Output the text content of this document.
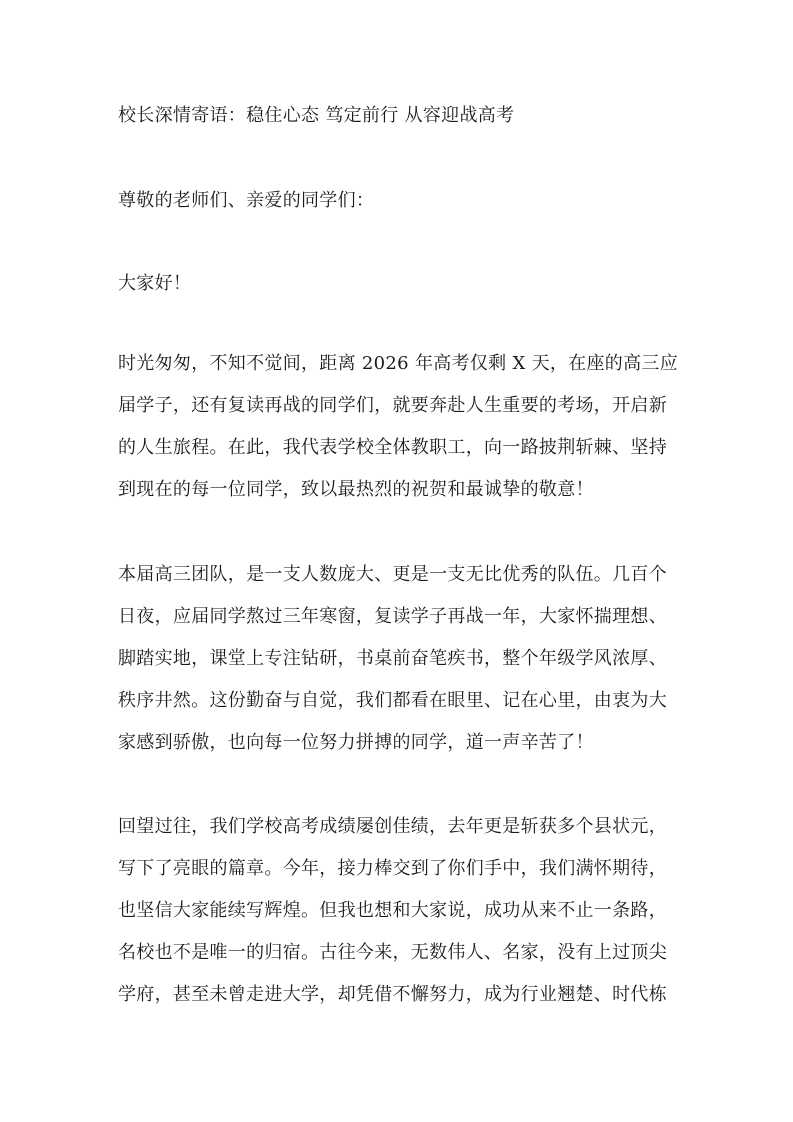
校长深情寄语：稳住心态 笃定前行 从容迎战高考
尊敬的老师们、亲爱的同学们：
大家好！
时光匆匆，不知不觉间，距离 2026 年高考仅剩 X 天，在座的高三应
届学子，还有复读再战的同学们，就要奔赴人生重要的考场，开启新
的人生旅程。在此，我代表学校全体教职工，向一路披荆斩棘、坚持
到现在的每一位同学，致以最热烈的祝贺和最诚挚的敬意！
本届高三团队，是一支人数庞大、更是一支无比优秀的队伍。几百个
日夜，应届同学熬过三年寒窗，复读学子再战一年，大家怀揣理想、
脚踏实地，课堂上专注钻研，书桌前奋笔疾书，整个年级学风浓厚、
秩序井然。这份勤奋与自觉，我们都看在眼里、记在心里，由衷为大
家感到骄傲，也向每一位努力拼搏的同学，道一声辛苦了！
回望过往，我们学校高考成绩屡创佳绩，去年更是斩获多个县状元，
写下了亮眼的篇章。今年，接力棒交到了你们手中，我们满怀期待，
也坚信大家能续写辉煌。但我也想和大家说，成功从来不止一条路，
名校也不是唯一的归宿。古往今来，无数伟人、名家，没有上过顶尖
学府，甚至未曾走进大学，却凭借不懈努力，成为行业翘楚、时代栋
